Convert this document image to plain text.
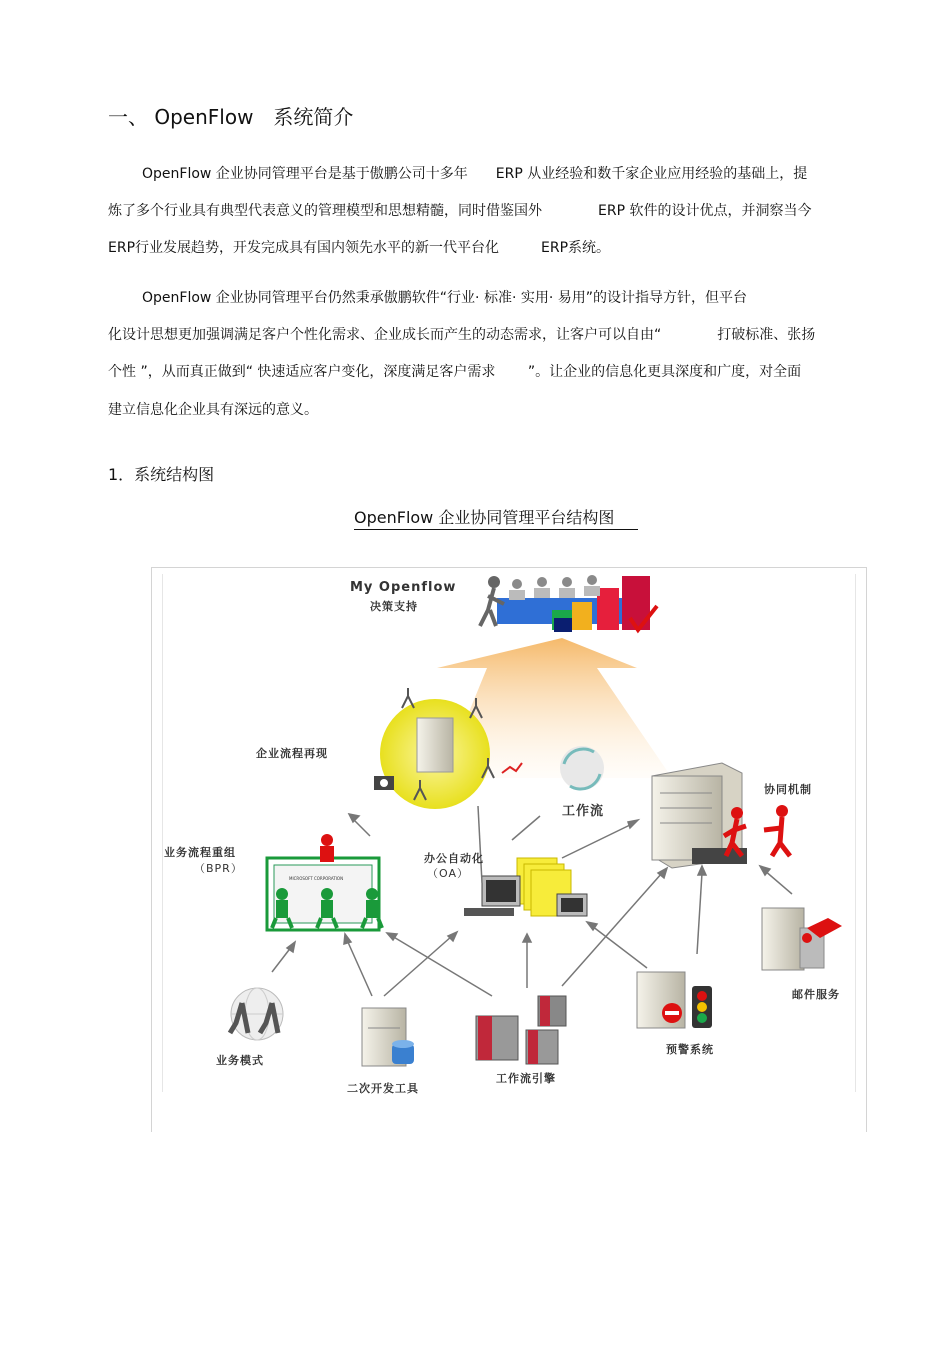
一、 OpenFlow　系统简介
OpenFlow 企业协同管理平台是基于傲鹏公司十多年　　ERP 从业经验和数千家企业应用经验的基础上，提
炼了多个行业具有典型代表意义的管理模型和思想精髓，同时借鉴国外　　　　ERP 软件的设计优点，并洞察当今
ERP行业发展趋势，开发完成具有国内领先水平的新一代平台化　　　ERP系统。
OpenFlow 企业协同管理平台仍然秉承傲鹏软件“行业· 标准· 实用· 易用”的设计指导方针，但平台
化设计思想更加强调满足客户个性化需求、企业成长而产生的动态需求，让客户可以自由“　　　　打破标准、张扬
个性 ”，从而真正做到“ 快速适应客户变化，深度满足客户需求　　 ”。让企业的信息化更具深度和广度，对全面
建立信息化企业具有深远的意义。
1．系统结构图
OpenFlow 企业协同管理平台结构图
My Openflow
决策支持
企业流程再现
工作流
协同机制
业务流程重组
（BPR）
MICROSOFT CORPORATION
办公自动化
（OA）
邮件服务
业务模式
二次开发工具
工作流引擎
预警系统
